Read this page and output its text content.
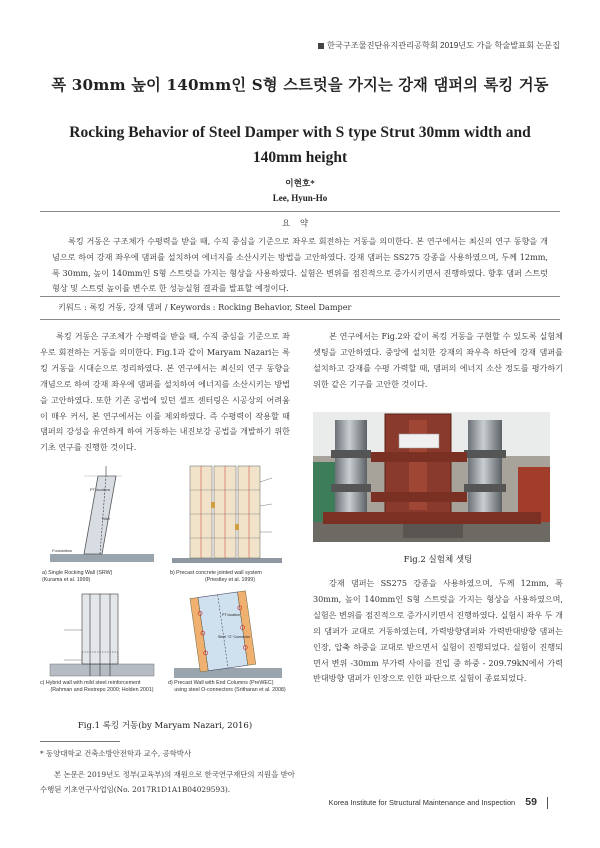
한국구조물진단유지관리공학회 2019년도 가을 학술발표회 논문집
폭 30mm 높이 140mm인 S형 스트럿을 가지는 강재 댐퍼의 록킹 거동
Rocking Behavior of Steel Damper with S type Strut 30mm width and 140mm height
이현호*
Lee, Hyun-Ho
요약
록킹 거동은 구조체가 수평력을 받을 때, 수직 중심을 기준으로 좌우로 회전하는 거동을 의미한다. 본 연구에서는 최신의 연구 동향을 개념으로 하여 강재 좌우에 댐퍼를 설치하여 에너지를 소산시키는 방법을 고안하였다. 강재 댐퍼는 SS275 강종을 사용하였으며, 두께 12mm, 폭 30mm, 높이 140mm인 S형 스트럿을 가지는 형상을 사용하였다. 실험은 변위를 점진적으로 증가시키면서 진행하였다. 향후 댐퍼 스트럿 형상 및 스트럿 높이를 변수로 한 성능실험 결과를 발표할 예정이다.
키워드 : 록킹 거동, 강재 댐퍼 / Keywords : Rocking Behavior, Steel Damper
록킹 거동은 구조체가 수평력을 받을 때, 수직 중심을 기준으로 좌우로 회전하는 거동을 의미한다. Fig.1과 같이 Maryam Nazari는 록킹 거동을 시대순으로 정리하였다. 본 연구에서는 최신의 연구 동향을 개념으로 하여 강재 좌우에 댐퍼를 설치하여 에너지를 소산시키는 방법을 고안하였다. 또한 기존 공법에 있던 셀프 센터링은 시공상의 어려움이 매우 커서, 본 연구에서는 이를 제외하였다. 즉 수평력이 작용할 때 댐퍼의 강성을 유연하게 하여 거동하는 내진보강 공법을 개발하기 위한 기초 연구를 진행한 것이다.
PT location
Wall
Foundation
a) Single Rocking Wall (SRW)
(Kurama et al. 1999)
b) Precast concrete jointed wall system
(Priestley et al. 1999)
c) Hybrid wall with mild steel reinforcement
(Rahman and Restrepo 2000; Holden 2001)
PT location
Steel "O" Connector
d) Precast Wall with End Columns (PreWEC)
using steel O-connectors (Sritharan et al. 2008)
Fig.1 록킹 거동(by Maryam Nazari, 2016)
* 동양대학교 건축소방안전학과 교수, 공학박사
본 논문은 2019년도 정부(교육부)의 재원으로 한국연구재단의 지원을 받아 수행된 기초연구사업임(No. 2017R1D1A1B04029593).
본 연구에서는 Fig.2와 같이 록킹 거동을 구현할 수 있도록 실험체 셋팅을 고안하였다. 중앙에 설치한 강재의 좌우측 하단에 강재 댐퍼를 설치하고 강재를 수평 가력할 때, 댐퍼의 에너지 소산 정도를 평가하기 위한 같은 기구를 고안한 것이다.
Fig.2 실험체 셋팅
강재 댐퍼는 SS275 강종을 사용하였으며, 두께 12mm, 폭 30mm, 높이 140mm인 S형 스트럿을 가지는 형상을 사용하였으며, 실험은 변위를 점진적으로 증가시키면서 진행하였다. 실험시 좌우 두 개의 댐퍼가 교대로 거동하였는데, 가력방향댐퍼와 가력반대방향 댐퍼는 인장, 압축 하중을 교대로 받으면서 실험이 진행되었다. 실험이 진행되면서 변위 -30mm 부가력 사이를 진입 중 하중 - 209.79kN에서 가력반대방향 댐퍼가 인장으로 인한 파단으로 실험이 종료되었다.
Korea Institute for Structural Maintenance and Inspection 59
